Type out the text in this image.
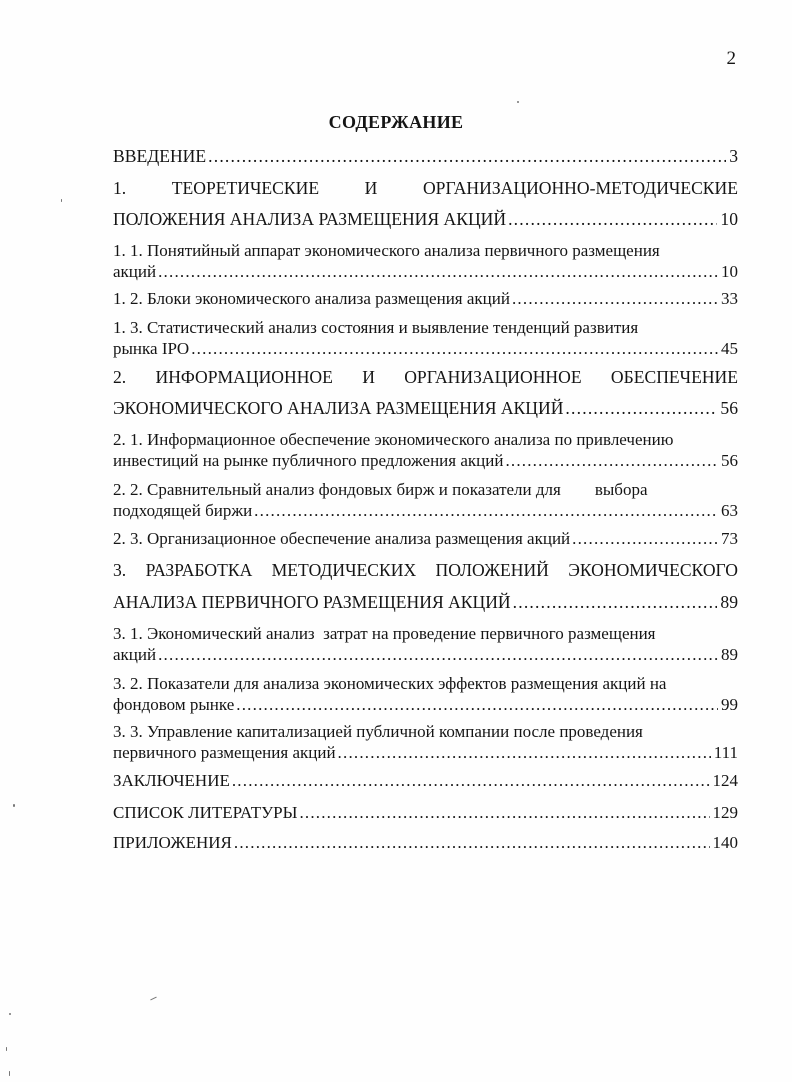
2
СОДЕРЖАНИЕ
ВВЕДЕНИЕ .....	3
1. ТЕОРЕТИЧЕСКИЕ И ОРГАНИЗАЦИОННО-МЕТОДИЧЕСКИЕ
ПОЛОЖЕНИЯ АНАЛИЗА РАЗМЕЩЕНИЯ АКЦИЙ .....	10
1. 1. Понятийный аппарат экономического анализа первичного размещения
акций .....	10
1. 2. Блоки экономического анализа размещения акций .....	33
1. 3. Статистический анализ состояния и выявление тенденций развития
рынка IPO .....	45
2. ИНФОРМАЦИОННОЕ И ОРГАНИЗАЦИОННОЕ ОБЕСПЕЧЕНИЕ
ЭКОНОМИЧЕСКОГО АНАЛИЗА РАЗМЕЩЕНИЯ АКЦИЙ .....	56
2. 1. Информационное обеспечение экономического анализа по привлечению
инвестиций на рынке публичного предложения акций .....	56
2. 2. Сравнительный анализ фондовых бирж и показатели для        выбора
подходящей биржи .....	63
2. 3. Организационное обеспечение анализа размещения акций .....	73
3. РАЗРАБОТКА МЕТОДИЧЕСКИХ ПОЛОЖЕНИЙ ЭКОНОМИЧЕСКОГО
АНАЛИЗА ПЕРВИЧНОГО РАЗМЕЩЕНИЯ АКЦИЙ .....	89
3. 1. Экономический анализ  затрат на проведение первичного размещения
акций .....	89
3. 2. Показатели для анализа экономических эффектов размещения акций на
фондовом рынке .....	99
3. 3. Управление капитализацией публичной компании после проведения
первичного размещения акций .....	111
ЗАКЛЮЧЕНИЕ .....	124
СПИСОК ЛИТЕРАТУРЫ .....	129
ПРИЛОЖЕНИЯ .....	140
